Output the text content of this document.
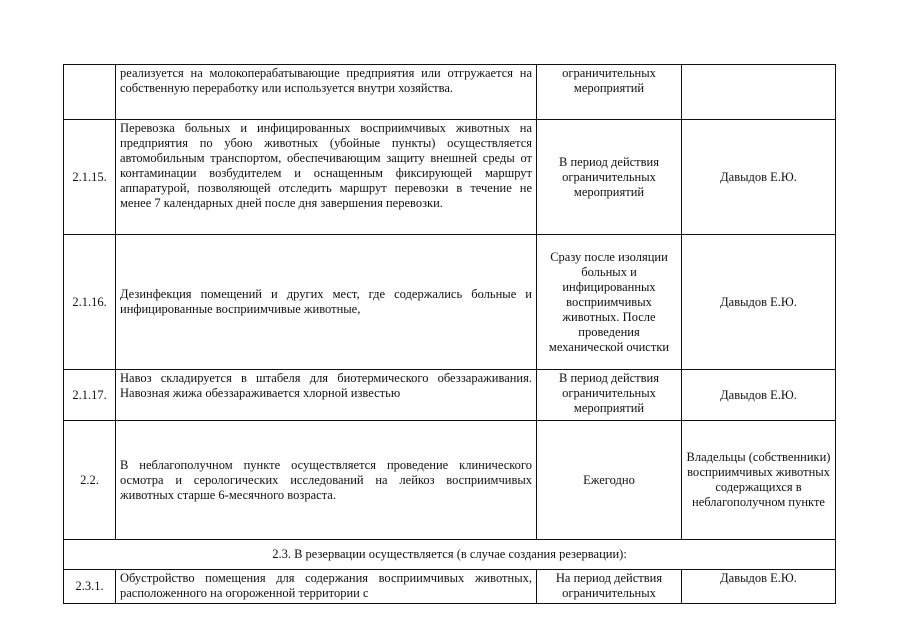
	реализуется на молокоперабатывающие предприятия или отгружается на собственную переработку или используется внутри хозяйства.	ограничительных мероприятий	
2.1.15.	Перевозка больных и инфицированных восприимчивых животных на предприятия по убою животных (убойные пункты) осуществляется автомобильным транспортом, обеспечивающим защиту внешней среды от контаминации возбудителем и оснащенным фиксирующей маршрут аппаратурой, позволяющей отследить маршрут перевозки в течение не менее 7 календарных дней после дня завершения перевозки.	В период действия ограничительных мероприятий	Давыдов Е.Ю.
2.1.16.	Дезинфекция помещений и других мест, где содержались больные и инфицированные восприимчивые животные,	Сразу после изоляции больных и инфицированных восприимчивых животных. После проведения механической очистки	Давыдов Е.Ю.
2.1.17.	Навоз складируется в штабеля для биотермического обеззараживания. Навозная жижа обеззараживается хлорной известью	В период действия ограничительных мероприятий	Давыдов Е.Ю.
2.2.	В неблагополучном пункте осуществляется проведение клинического осмотра и серологических исследований на лейкоз восприимчивых животных старше 6-месячного возраста.	Ежегодно	Владельцы (собственники) восприимчивых животных содержащихся в неблагополучном пункте
2.3. В резервации осуществляется (в случае создания резервации):			
2.3.1.	Обустройство помещения для содержания восприимчивых животных, расположенного на огороженной территории с	На период действия ограничительных	Давыдов Е.Ю.
